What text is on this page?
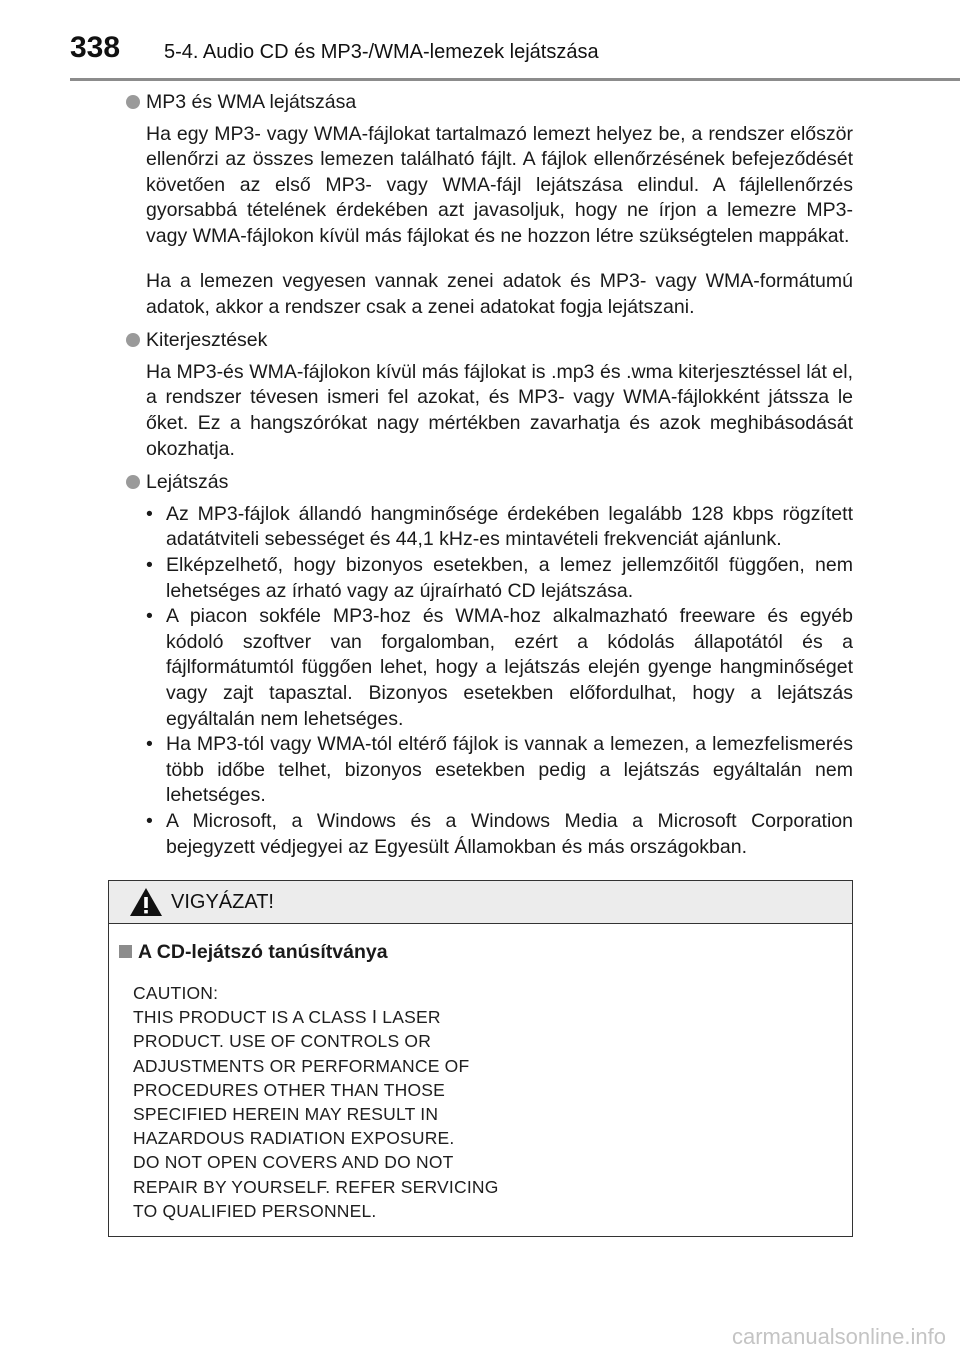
338 5-4. Audio CD és MP3-/WMA-lemezek lejátszása
MP3 és WMA lejátszása

Ha egy MP3- vagy WMA-fájlokat tartalmazó lemezt helyez be, a rendszer először ellenőrzi az összes lemezen található fájlt. A fájlok ellenőrzésének befejeződését követően az első MP3- vagy WMA-fájl lejátszása elindul. A fájlellenőrzés gyorsabbá tételének érdekében azt javasoljuk, hogy ne írjon a lemezre MP3- vagy WMA-fájlokon kívül más fájlokat és ne hozzon létre szükségtelen mappákat.

Ha a lemezen vegyesen vannak zenei adatok és MP3- vagy WMA-formátumú adatok, akkor a rendszer csak a zenei adatokat fogja lejátszani.

Kiterjesztések

Ha MP3-és WMA-fájlokon kívül más fájlokat is .mp3 és .wma kiterjesztéssel lát el, a rendszer tévesen ismeri fel azokat, és MP3- vagy WMA-fájlokként játssza le őket. Ez a hangszórókat nagy mértékben zavarhatja és azok meghibásodását okozhatja.

Lejátszás
• Az MP3-fájlok állandó hangminősége érdekében legalább 128 kbps rögzített adatátviteli sebességet és 44,1 kHz-es mintavételi frekvenciát ajánlunk.
• Elképzelhető, hogy bizonyos esetekben, a lemez jellemzőitől függően, nem lehetséges az írható vagy az újraírható CD lejátszása.
• A piacon sokféle MP3-hoz és WMA-hoz alkalmazható freeware és egyéb kódoló szoftver van forgalomban, ezért a kódolás állapotától és a fájlformátumtól függően lehet, hogy a lejátszás elején gyenge hangminőséget vagy zajt tapasztal. Bizonyos esetekben előfordulhat, hogy a lejátszás egyáltalán nem lehetséges.
• Ha MP3-tól vagy WMA-tól eltérő fájlok is vannak a lemezen, a lemezfelismerés több időbe telhet, bizonyos esetekben pedig a lejátszás egyáltalán nem lehetséges.
• A Microsoft, a Windows és a Windows Media a Microsoft Corporation bejegyzett védjegyei az Egyesült Államokban és más országokban.
VIGYÁZAT!
A CD-lejátszó tanúsítványa
CAUTION:
THIS PRODUCT IS A CLASS Ⅰ LASER
PRODUCT. USE OF CONTROLS OR
ADJUSTMENTS OR PERFORMANCE OF
PROCEDURES OTHER THAN THOSE
SPECIFIED HEREIN MAY RESULT IN
HAZARDOUS RADIATION EXPOSURE.
DO NOT OPEN COVERS AND DO NOT
REPAIR BY YOURSELF. REFER SERVICING
TO QUALIFIED PERSONNEL.
carmanualsonline.info
